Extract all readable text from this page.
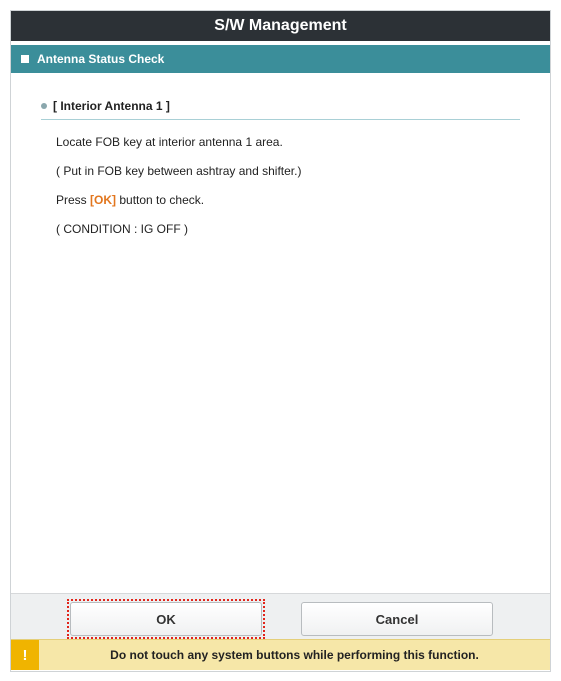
S/W Management
Antenna Status Check
[ Interior Antenna 1 ]

Locate FOB key at interior antenna 1 area.

( Put in FOB key between ashtray and shifter.)

Press [OK] button to check.

( CONDITION : IG OFF )

OK	Cancel
!	Do not touch any system buttons while performing this function.
